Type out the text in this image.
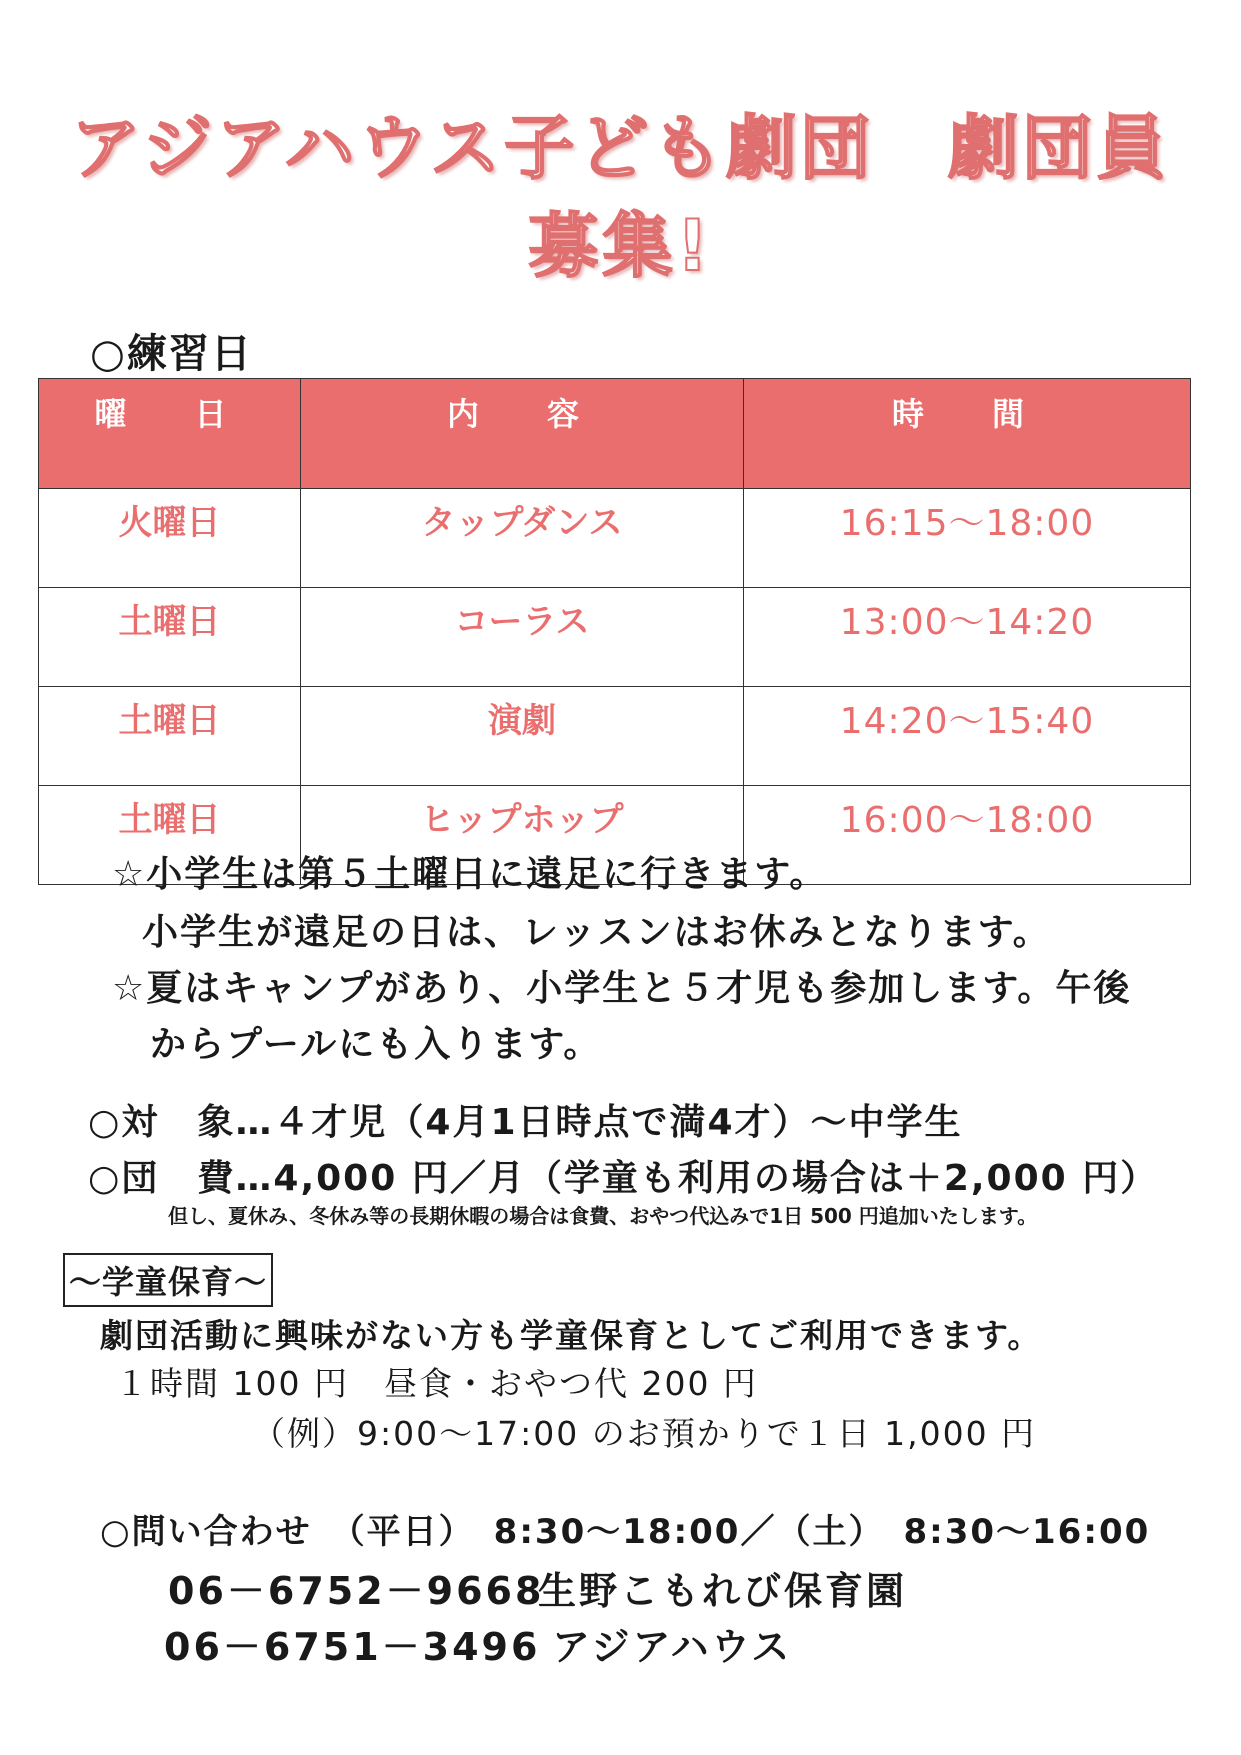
アジアハウス子ども劇団　劇団員
募集!
○練習日
曜　日	内　容	時　間
火曜日	タップダンス	16:15～18:00
土曜日	コーラス	13:00～14:20
土曜日	演劇	14:20～15:40
土曜日	ヒップホップ	16:00～18:00
☆小学生は第５土曜日に遠足に行きます。
小学生が遠足の日は、レッスンはお休みとなります。
☆夏はキャンプがあり、小学生と５才児も参加します。午後
からプールにも入ります。
○対　象…４才児（4月1日時点で満4才）～中学生
○団　費…4,000 円／月（学童も利用の場合は＋2,000 円）
但し、夏休み、冬休み等の長期休暇の場合は食費、おやつ代込みで1日 500 円追加いたします。
～学童保育～
劇団活動に興味がない方も学童保育としてご利用できます。
１時間 100 円　昼食・おやつ代 200 円
（例）9:00～17:00 のお預かりで１日 1,000 円
○問い合わせ　（平日）　8:30～18:00／（土）　8:30～16:00
06－6752－9668
生野こもれび保育園
06－6751－3496 アジアハウス
